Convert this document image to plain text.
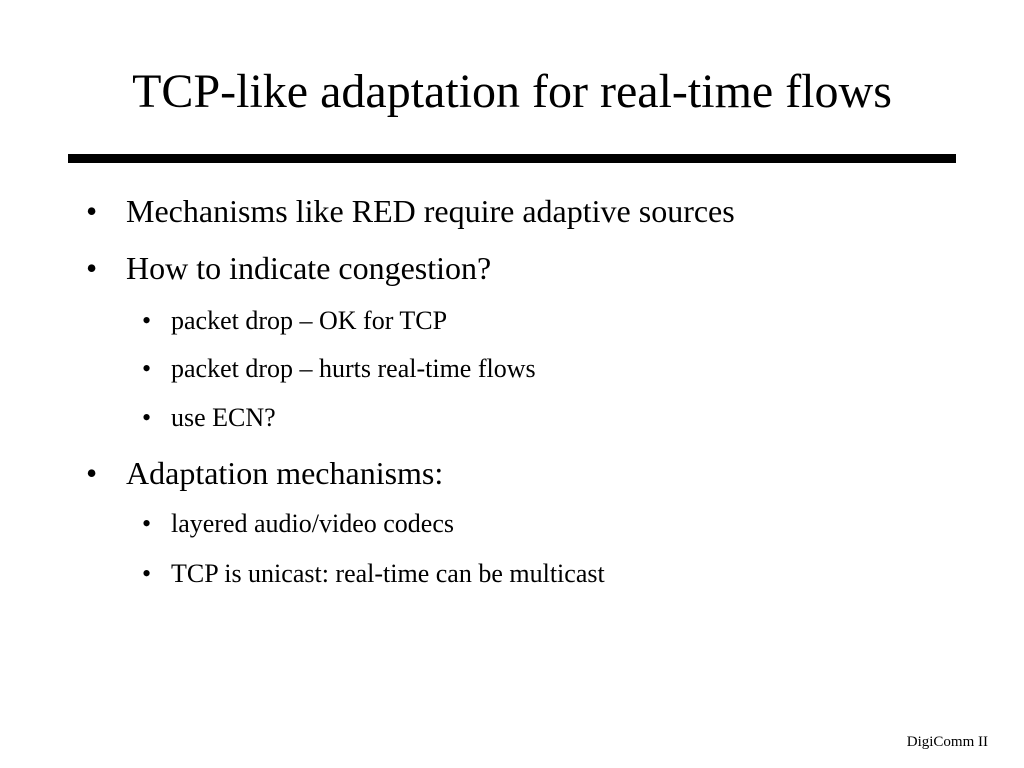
TCP-like adaptation for real-time flows
• Mechanisms like RED require adaptive sources
• How to indicate congestion?
• packet drop – OK for TCP
• packet drop – hurts real-time flows
• use ECN?
• Adaptation mechanisms:
• layered audio/video codecs
• TCP is unicast: real-time can be multicast
DigiComm II
